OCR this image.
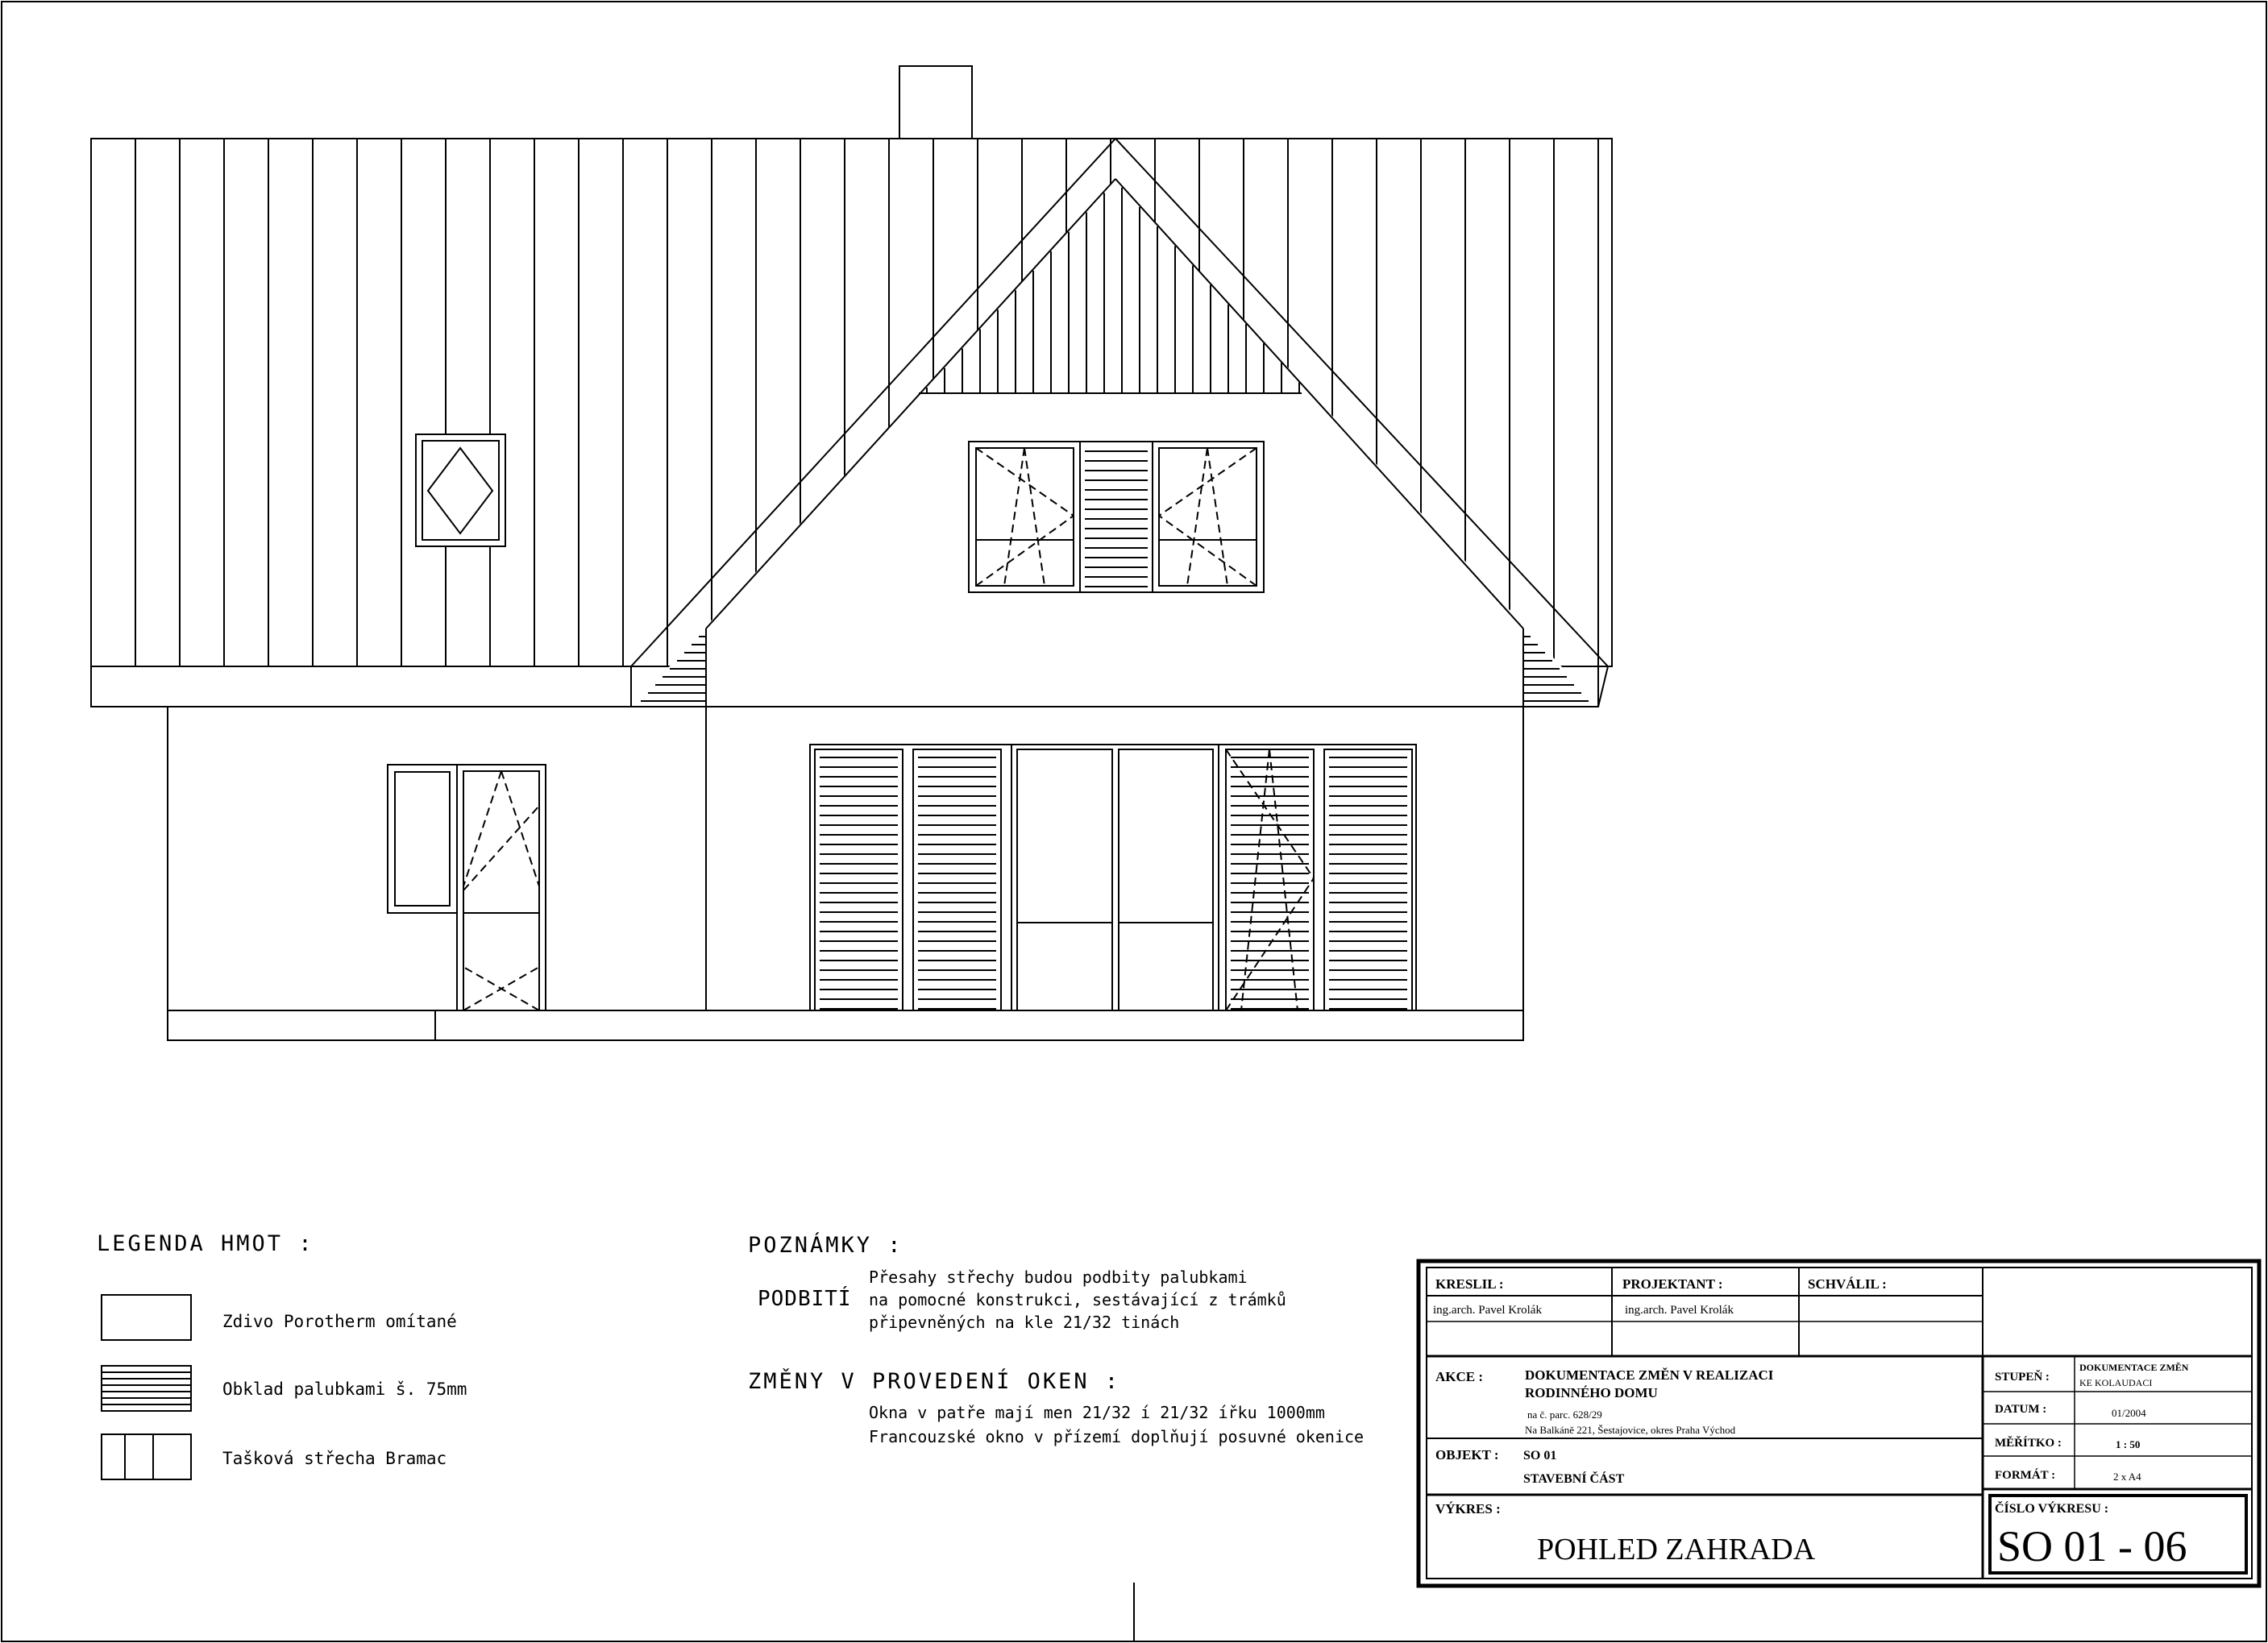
LEGENDA HMOT :
Zdivo Porotherm omítané
Obklad palubkami š. 75mm
Tašková střecha Bramac
POZNÁMKY :
PODBITÍ
Přesahy střechy budou podbity palubkami
na pomocné konstrukci, sestávající z trámků
připevněných na kle 21/32 tinách
ZMĚNY V PROVEDENÍ OKEN :
Okna v patře mají men 21/32 í 21/32 ířku 1000mm
Francouzské okno v přízemí doplňují posuvné okenice
KRESLIL :
ing.arch. Pavel Krolák
PROJEKTANT :
ing.arch. Pavel Krolák
SCHVÁLIL :
AKCE :	DOKUMENTACE ZMĚN V REALIZACI
RODINNÉHO DOMU
na č. parc. 628/29
Na Balkáně 221, Šestajovice, okres Praha Východ
OBJEKT : SO 01
STAVEBNÍ ČÁST
VÝKRES :
POHLED ZAHRADA
STUPEŇ :
DOKUMENTACE ZMĚN
KE KOLAUDACI
DATUM :	01/2004
MĚŘÍTKO :	1 : 50
FORMÁT :	2 x A4
ČÍSLO VÝKRESU :
SO 01 - 06
